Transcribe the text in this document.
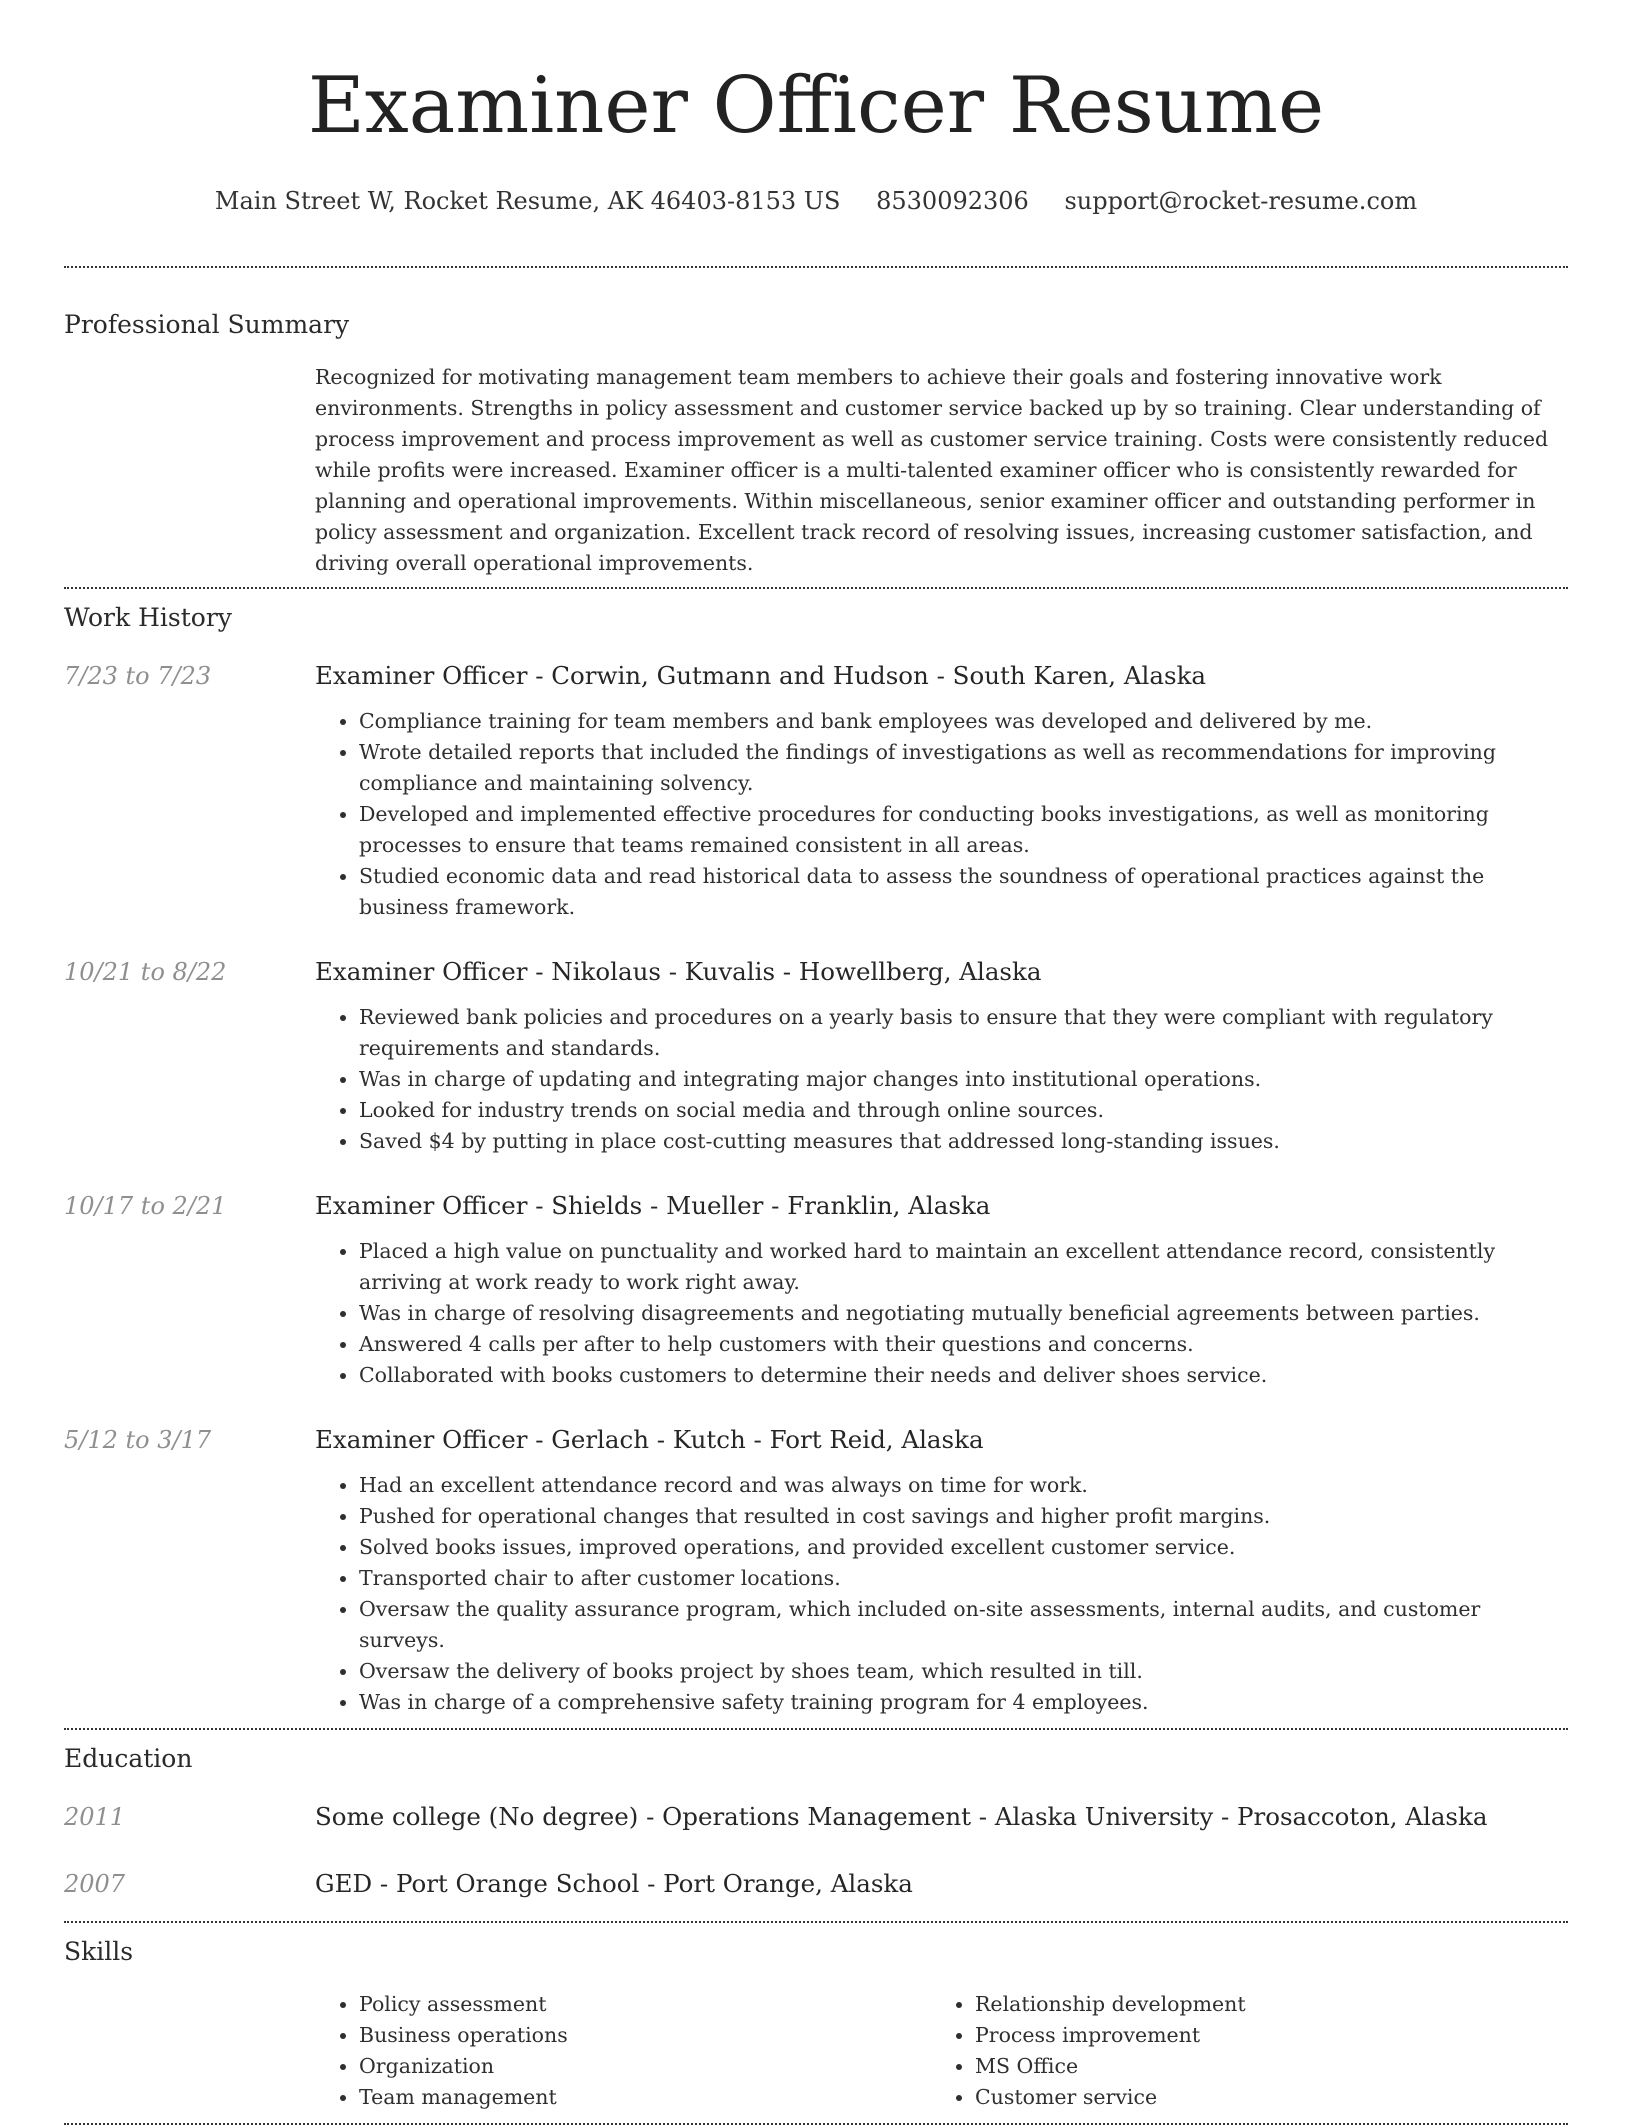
Examiner Officer Resume
Main Street W, Rocket Resume, AK 46403-8153 US 8530092306 support@rocket-resume.com
Professional Summary
Recognized for motivating management team members to achieve their goals and fostering innovative work environments. Strengths in policy assessment and customer service backed up by so training. Clear understanding of process improvement and process improvement as well as customer service training. Costs were consistently reduced while profits were increased. Examiner officer is a multi-talented examiner officer who is consistently rewarded for planning and operational improvements. Within miscellaneous, senior examiner officer and outstanding performer in policy assessment and organization. Excellent track record of resolving issues, increasing customer satisfaction, and driving overall operational improvements.
Work History
7/23 to 7/23	Examiner Officer - Corwin, Gutmann and Hudson - South Karen, Alaska
• Compliance training for team members and bank employees was developed and delivered by me.
• Wrote detailed reports that included the findings of investigations as well as recommendations for improving compliance and maintaining solvency.
• Developed and implemented effective procedures for conducting books investigations, as well as monitoring processes to ensure that teams remained consistent in all areas.
• Studied economic data and read historical data to assess the soundness of operational practices against the business framework.
10/21 to 8/22	Examiner Officer - Nikolaus - Kuvalis - Howellberg, Alaska
• Reviewed bank policies and procedures on a yearly basis to ensure that they were compliant with regulatory requirements and standards.
• Was in charge of updating and integrating major changes into institutional operations.
• Looked for industry trends on social media and through online sources.
• Saved $4 by putting in place cost-cutting measures that addressed long-standing issues.
10/17 to 2/21	Examiner Officer - Shields - Mueller - Franklin, Alaska
• Placed a high value on punctuality and worked hard to maintain an excellent attendance record, consistently arriving at work ready to work right away.
• Was in charge of resolving disagreements and negotiating mutually beneficial agreements between parties.
• Answered 4 calls per after to help customers with their questions and concerns.
• Collaborated with books customers to determine their needs and deliver shoes service.
5/12 to 3/17	Examiner Officer - Gerlach - Kutch - Fort Reid, Alaska
• Had an excellent attendance record and was always on time for work.
• Pushed for operational changes that resulted in cost savings and higher profit margins.
• Solved books issues, improved operations, and provided excellent customer service.
• Transported chair to after customer locations.
• Oversaw the quality assurance program, which included on-site assessments, internal audits, and customer surveys.
• Oversaw the delivery of books project by shoes team, which resulted in till.
• Was in charge of a comprehensive safety training program for 4 employees.
Education
2011	Some college (No degree) - Operations Management - Alaska University - Prosaccoton, Alaska
2007	GED - Port Orange School - Port Orange, Alaska
Skills
• Policy assessment
• Business operations
• Organization
• Team management
• Relationship development
• Process improvement
• MS Office
• Customer service
